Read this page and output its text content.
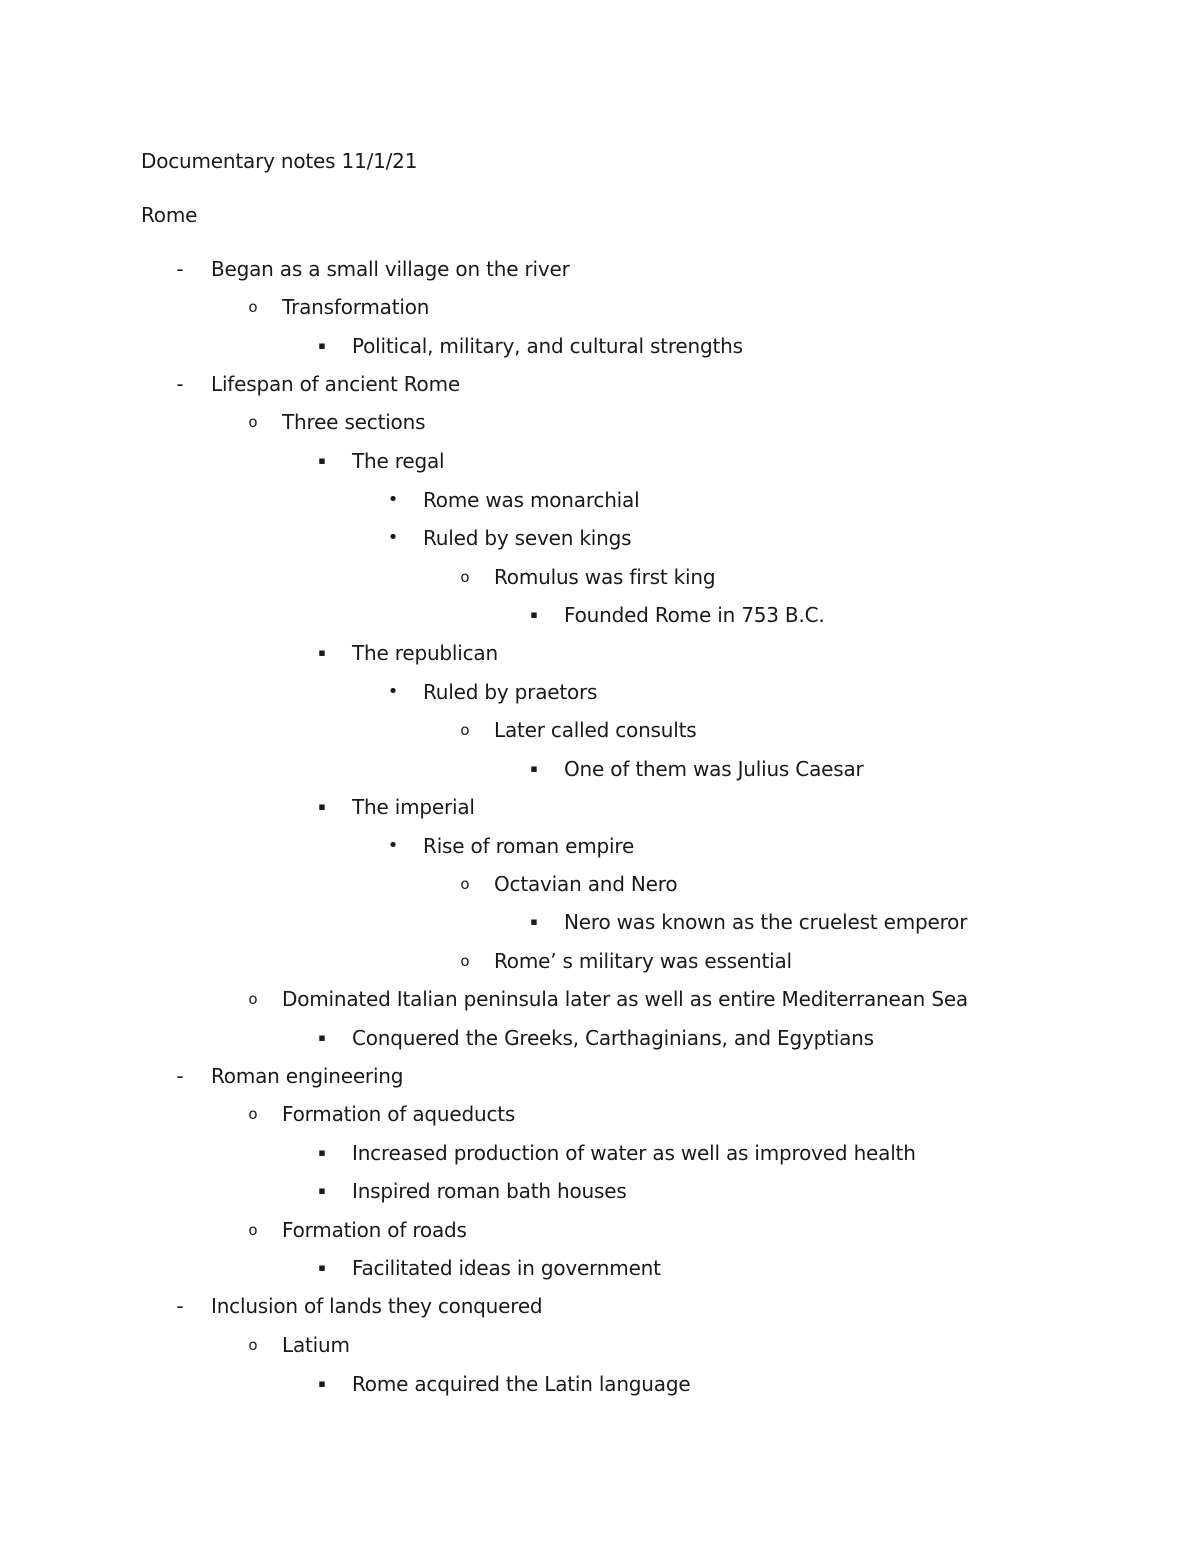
Documentary notes 11/1/21
Rome
-	Began as a small village on the river
o Transformation
▪	Political, military, and cultural strengths
-	Lifespan of ancient Rome
o Three sections
▪	The regal
• Rome was monarchial
• Ruled by seven kings
o Romulus was first king
▪	Founded Rome in 753 B.C.
▪	The republican
• Ruled by praetors
o Later called consults
▪	One of them was Julius Caesar
▪	The imperial
• Rise of roman empire
o Octavian and Nero
▪	Nero was known as the cruelest emperor
o Rome’ s military was essential
o Dominated Italian peninsula later as well as entire Mediterranean Sea
▪	Conquered the Greeks, Carthaginians, and Egyptians
-	Roman engineering
o Formation of aqueducts
▪	Increased production of water as well as improved health
▪	Inspired roman bath houses
o Formation of roads
▪	Facilitated ideas in government
-	Inclusion of lands they conquered
o Latium
▪	Rome acquired the Latin language
